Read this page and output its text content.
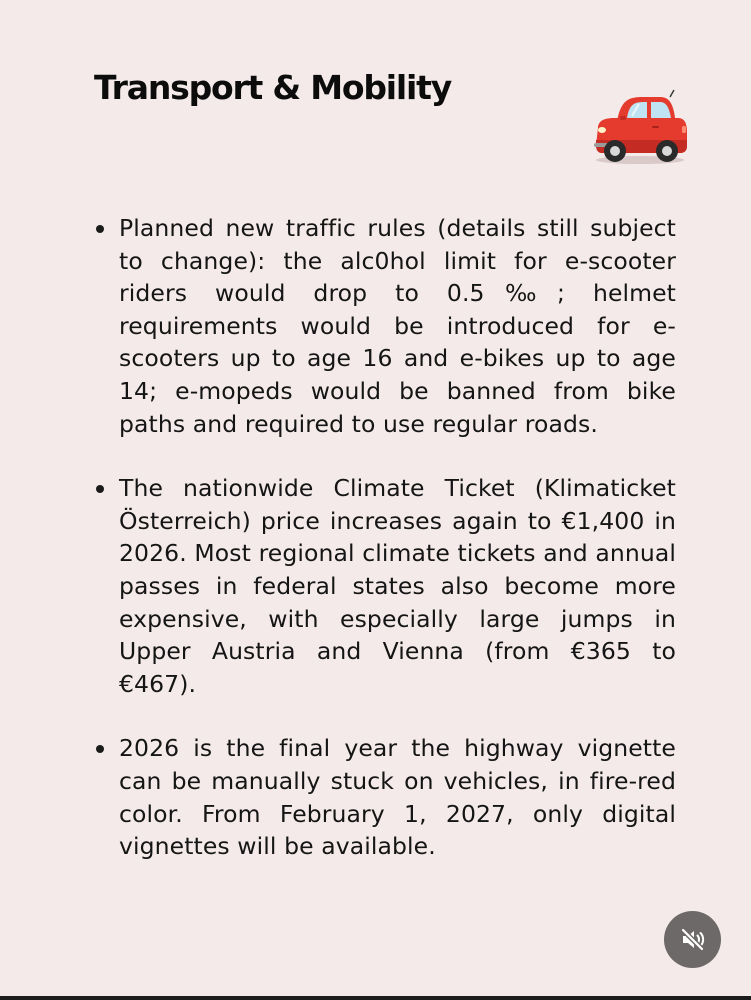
Transport & Mobility
Planned new traffic rules (details still subject to change): the alc0hol limit for e-scooter riders would drop to 0.5‰; helmet requirements would be introduced for e-scooters up to age 16 and e-bikes up to age 14; e-mopeds would be banned from bike paths and required to use regular roads.
The nationwide Climate Ticket (Klimaticket Österreich) price increases again to €1,400 in 2026. Most regional climate tickets and annual passes in federal states also become more expensive, with especially large jumps in Upper Austria and Vienna (from €365 to €467).
2026 is the final year the highway vignette can be manually stuck on vehicles, in fire-red color. From February 1, 2027, only digital vignettes will be available.
